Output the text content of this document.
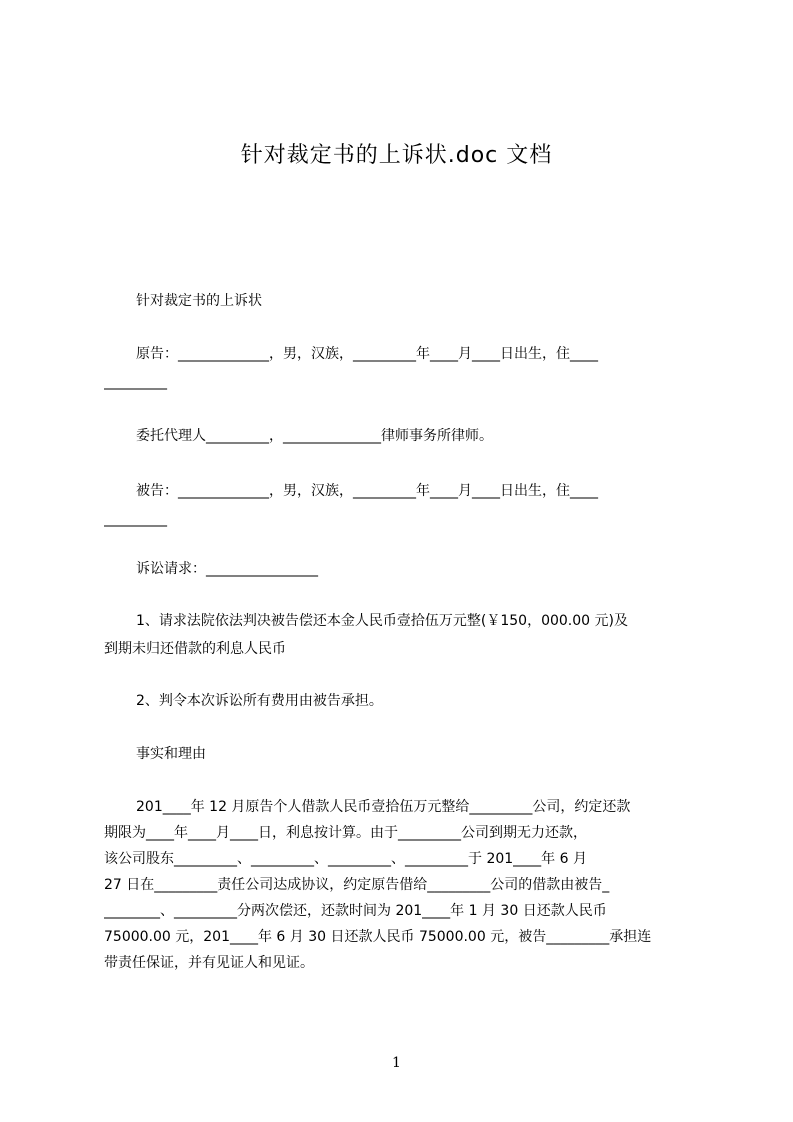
针对裁定书的上诉状.doc 文档
针对裁定书的上诉状
原告：_____________，男，汉族，_________年____月____日出生，住____
_________
委托代理人_________，______________律师事务所律师。
被告：_____________，男，汉族，_________年____月____日出生，住____
_________
诉讼请求：________________
1、请求法院依法判决被告偿还本金人民币壹拾伍万元整(￥150，000.00 元)及
到期未归还借款的利息人民币
2、判令本次诉讼所有费用由被告承担。
事实和理由
201____年 12 月原告个人借款人民币壹拾伍万元整给_________公司，约定还款
期限为____年____月____日，利息按计算。由于_________公司到期无力还款，
该公司股东_________、_________、_________、_________于 201____年 6 月
27 日在_________责任公司达成协议，约定原告借给_________公司的借款由被告_
________、_________分两次偿还，还款时间为 201____年 1 月 30 日还款人民币
75000.00 元，201____年 6 月 30 日还款人民币 75000.00 元，被告_________承担连
带责任保证，并有见证人和见证。
1
